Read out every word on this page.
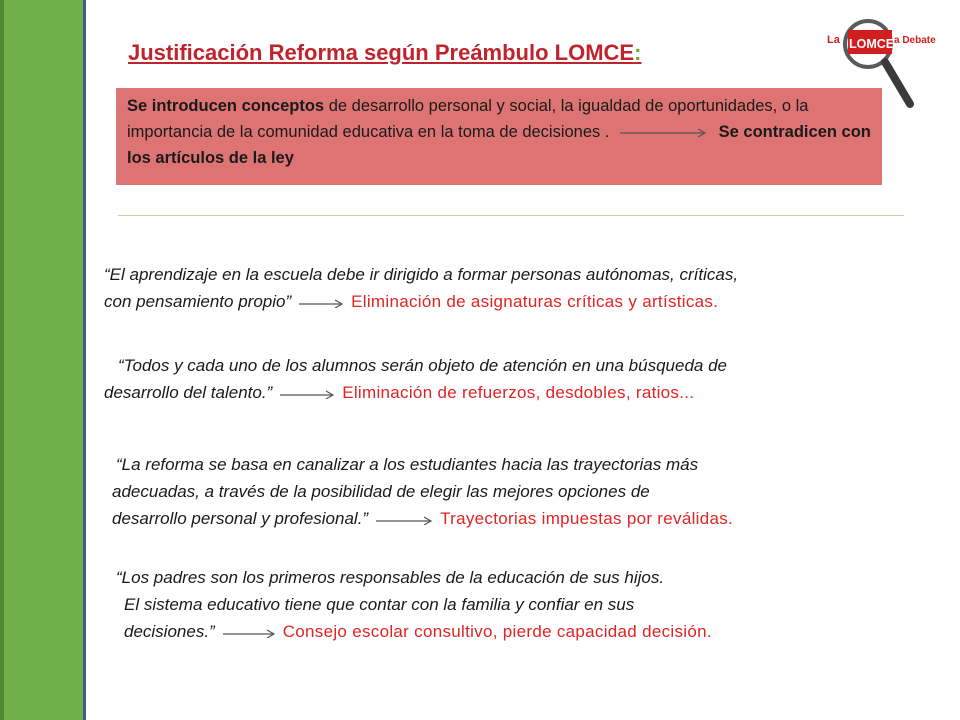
Justificación Reforma según Preámbulo LOMCE:	La LOMCE a Debate
Se introducen conceptos de desarrollo personal y social, la igualdad de oportunidades, o la importancia de la comunidad educativa en la toma de decisiones .	Se contradicen con los artículos de la ley
“El aprendizaje en la escuela debe ir dirigido a formar personas autónomas, críticas,
con pensamiento propio”	Eliminación de asignaturas críticas y artísticas.
“Todos y cada uno de los alumnos serán objeto de atención en una búsqueda de
desarrollo del talento.”	Eliminación de refuerzos, desdobles, ratios...
“La reforma se basa en canalizar a los estudiantes hacia las trayectorias más
adecuadas, a través de la posibilidad de elegir las mejores opciones de
desarrollo personal y profesional.”	Trayectorias impuestas por reválidas.
“Los padres son los primeros responsables de la educación de sus hijos.
El sistema educativo tiene que contar con la familia y confiar en sus
decisiones.”	Consejo escolar consultivo, pierde capacidad decisión.
